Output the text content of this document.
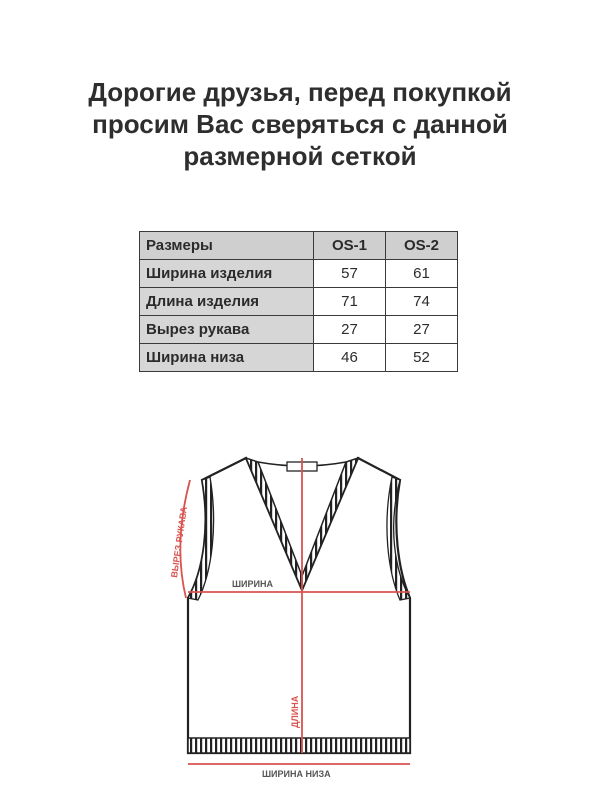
Дорогие друзья, перед покупкой
просим Вас сверяться с данной
размерной сеткой
Размеры	OS-1	OS-2
Ширина изделия	57	61
Длина изделия	71	74
Вырез рукава	27	27
Ширина низа	46	52
ШИРИНА
ДЛИНА
ШИРИНА НИЗА
ВЫРЕЗ РУКАВА
